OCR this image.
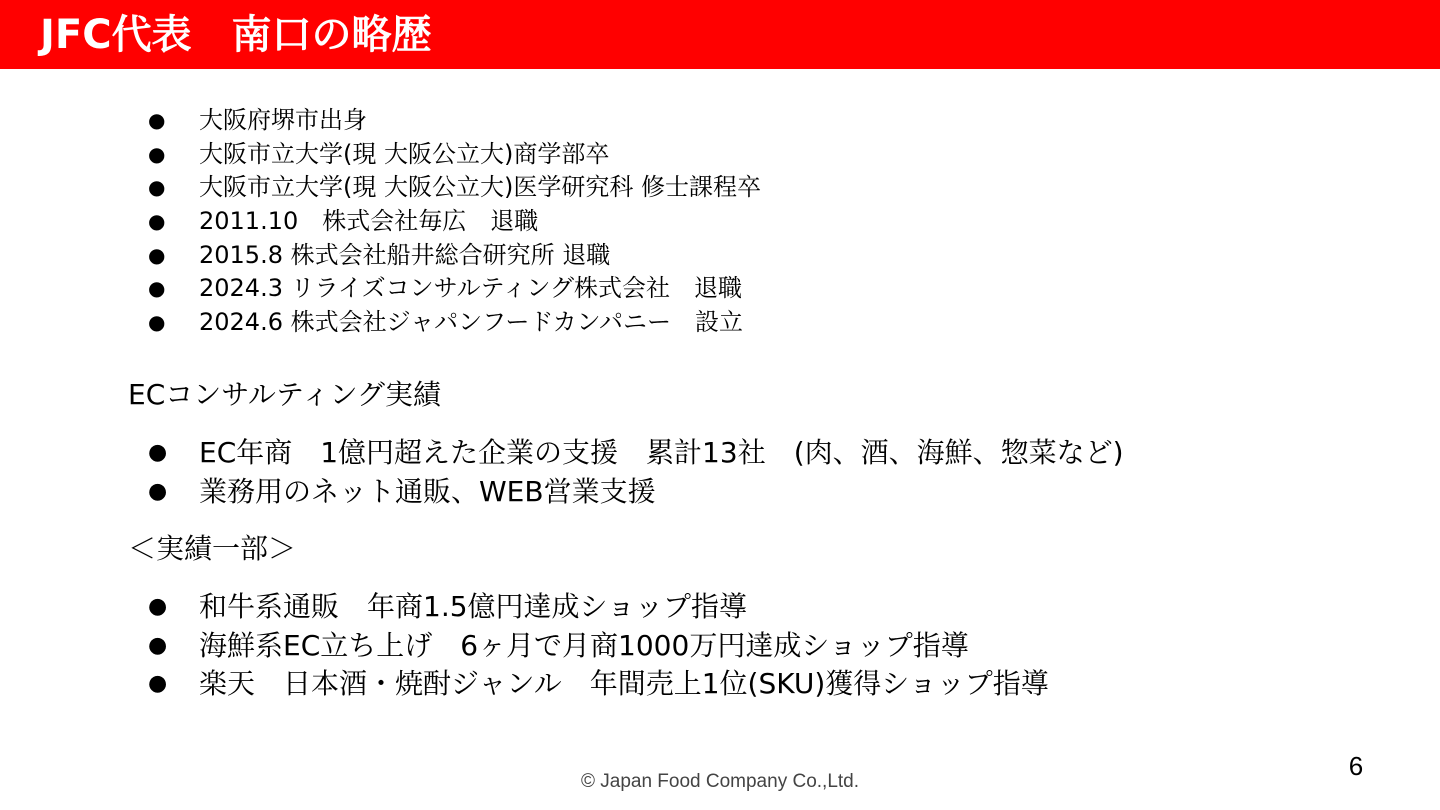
JFC代表　南口の略歴
● 大阪府堺市出身
● 大阪市立大学(現 大阪公立大)商学部卒
● 大阪市立大学(現 大阪公立大)医学研究科 修士課程卒
● 2011.10　株式会社毎広　退職
● 2015.8 株式会社船井総合研究所 退職
● 2024.3 リライズコンサルティング株式会社　退職
● 2024.6 株式会社ジャパンフードカンパニー　設立
ECコンサルティング実績
● EC年商　1億円超えた企業の支援　累計13社　(肉、酒、海鮮、惣菜など)
● 業務用のネット通販、WEB営業支援
＜実績一部＞
● 和牛系通販　年商1.5億円達成ショップ指導
● 海鮮系EC立ち上げ　6ヶ月で月商1000万円達成ショップ指導
● 楽天　日本酒・焼酎ジャンル　年間売上1位(SKU)獲得ショップ指導
© Japan Food Company Co.,Ltd.
6
